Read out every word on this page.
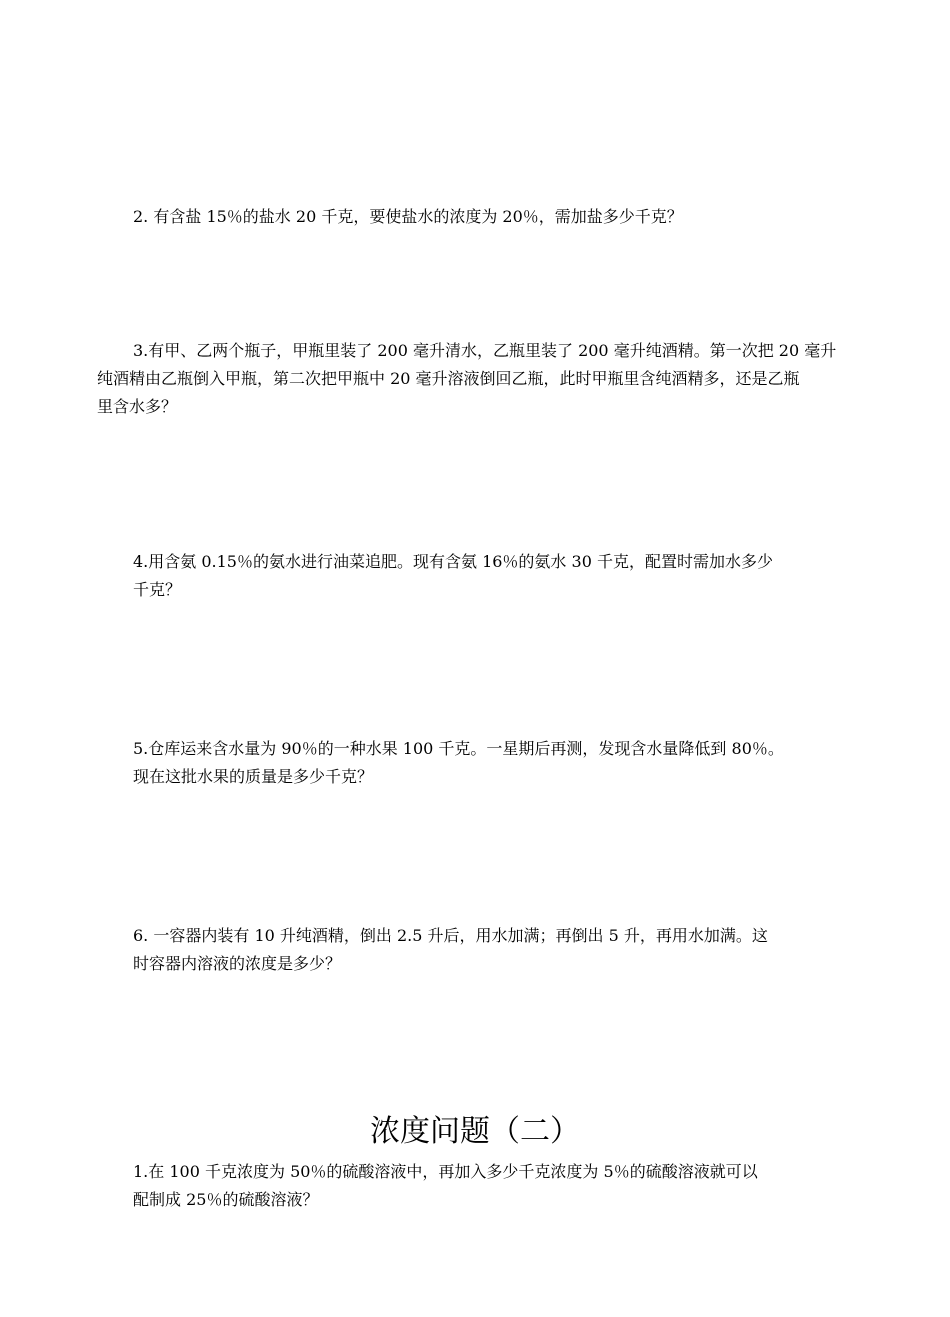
2. 有含盐 15％的盐水 20 千克，要使盐水的浓度为 20％，需加盐多少千克？
3.有甲、乙两个瓶子，甲瓶里装了 200 毫升清水，乙瓶里装了 200 毫升纯酒精。第一次把 20 毫升
纯酒精由乙瓶倒入甲瓶，第二次把甲瓶中 20 毫升溶液倒回乙瓶，此时甲瓶里含纯酒精多，还是乙瓶
里含水多？
4.用含氨 0.15％的氨水进行油菜追肥。现有含氨 16％的氨水 30 千克，配置时需加水多少
千克？
5.仓库运来含水量为 90％的一种水果 100 千克。一星期后再测，发现含水量降低到 80％。
现在这批水果的质量是多少千克？
6. 一容器内装有 10 升纯酒精，倒出 2.5 升后，用水加满；再倒出 5 升，再用水加满。这
时容器内溶液的浓度是多少？
浓度问题（二）
1.在 100 千克浓度为 50％的硫酸溶液中，再加入多少千克浓度为 5％的硫酸溶液就可以
配制成 25％的硫酸溶液？
